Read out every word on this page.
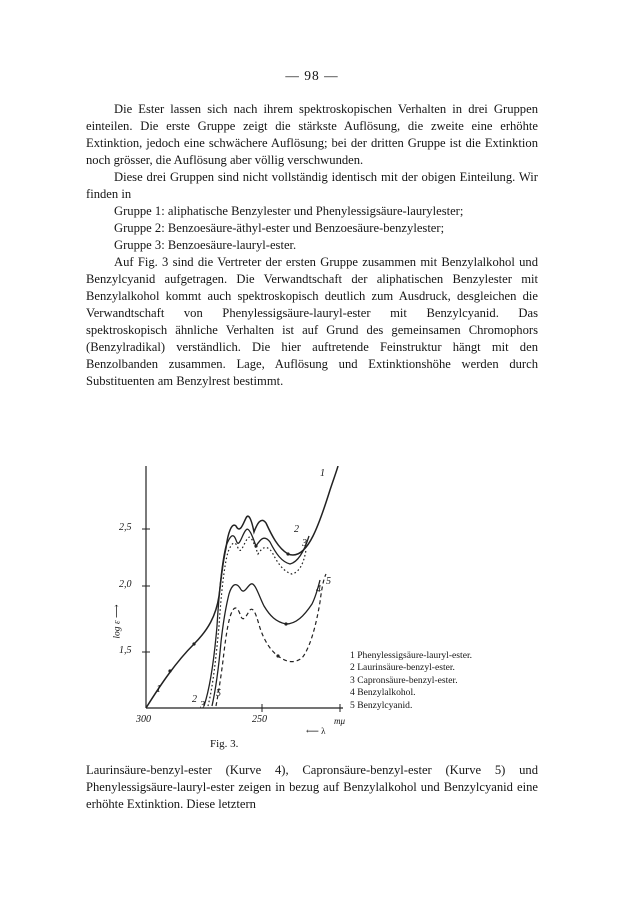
— 98 —

Die Ester lassen sich nach ihrem spektroskopischen Verhalten in drei Gruppen einteilen. Die erste Gruppe zeigt die stärkste Auflösung, die zweite eine erhöhte Extinktion, jedoch eine schwächere Auflösung; bei der dritten Gruppe ist die Extinktion noch grösser, die Auflösung aber völlig verschwunden.

Diese drei Gruppen sind nicht vollständig identisch mit der obigen Einteilung. Wir finden in

Gruppe 1: aliphatische Benzylester und Phenylessigsäure-laurylester;

Gruppe 2: Benzoesäure-äthyl-ester und Benzoesäure-benzylester;

Gruppe 3: Benzoesäure-lauryl-ester.

Auf Fig. 3 sind die Vertreter der ersten Gruppe zusammen mit Benzylalkohol und Benzylcyanid aufgetragen. Die Verwandtschaft der aliphatischen Benzylester mit Benzylalkohol kommt auch spektroskopisch deutlich zum Ausdruck, desgleichen die Verwandtschaft von Phenylessigsäure-lauryl-ester mit Benzylcyanid. Das spektroskopisch ähnliche Verhalten ist auf Grund des gemeinsamen Chromophors (Benzylradikal) verständlich. Die hier auftretende Feinstruktur hängt mit den Benzolbanden zusammen. Lage, Auflösung und Extinktionshöhe werden durch Substituenten am Benzylrest bestimmt.

2,5
2,0
1,5
log ε ⟶
300	250	mμ
⟵ λ
1
1
2
2
3
3
4
5
5
1 Phenylessigsäure-lauryl-ester.
2 Laurinsäure-benzyl-ester.
3 Capronsäure-benzyl-ester.
4 Benzylalkohol.
5 Benzylcyanid.
Fig. 3.

Laurinsäure-benzyl-ester (Kurve 4), Capronsäure-benzyl-ester (Kurve 5) und Phenylessigsäure-lauryl-ester zeigen in bezug auf Benzylalkohol und Benzylcyanid eine erhöhte Extinktion. Diese letztern
